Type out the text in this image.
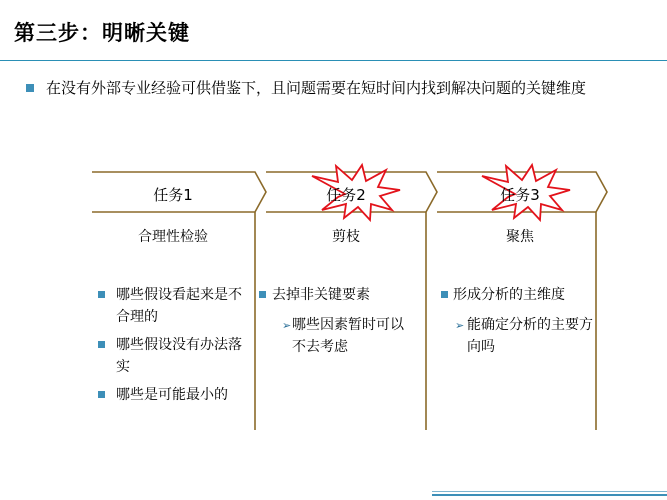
第三步：明晰关键
在没有外部专业经验可供借鉴下，且问题需要在短时间内找到解决问题的关键维度
任务1	任务2	任务3
合理性检验	剪枝	聚焦
哪些假设看起来是不合理的
哪些假设没有办法落实
哪些是可能最小的
去掉非关键要素
➢ 哪些因素暂时可以不去考虑
形成分析的主维度
➢ 能确定分析的主要方向吗
